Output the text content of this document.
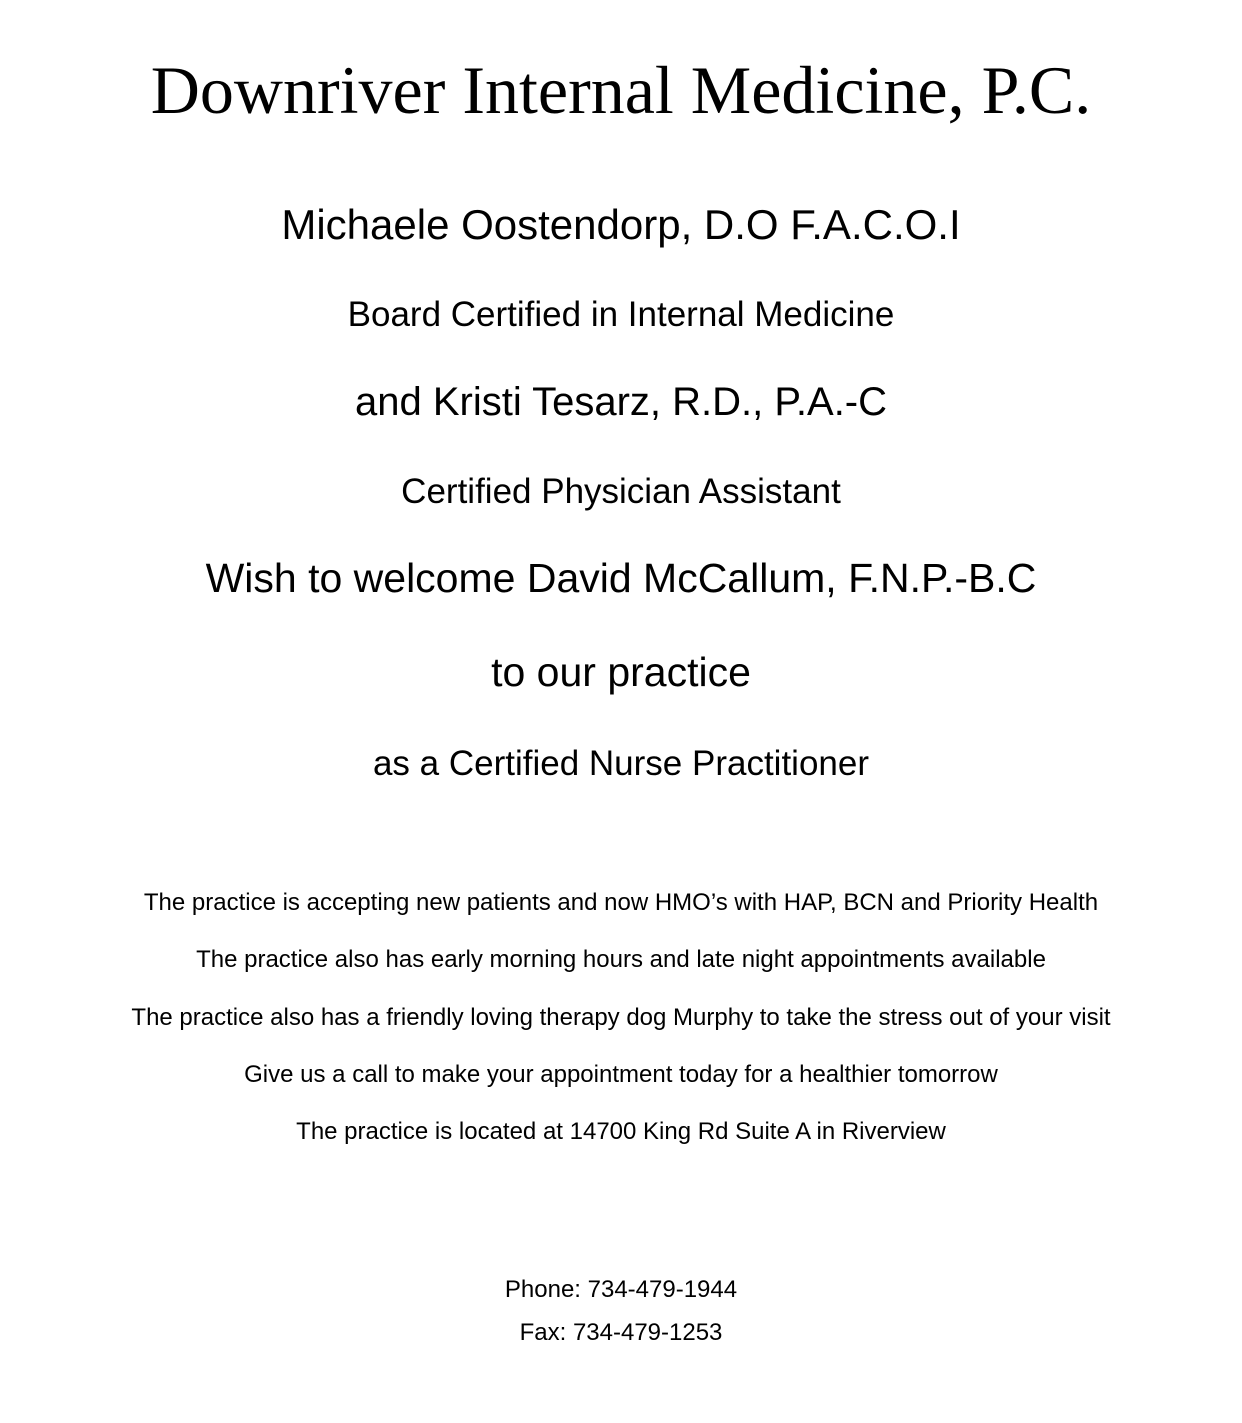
Downriver Internal Medicine, P.C.
Michaele Oostendorp, D.O F.A.C.O.I
Board Certified in Internal Medicine
and Kristi Tesarz, R.D., P.A.-C
Certified Physician Assistant
Wish to welcome David McCallum, F.N.P.-B.C
to our practice
as a Certified Nurse Practitioner
The practice is accepting new patients and now HMO’s with HAP, BCN and Priority Health
The practice also has early morning hours and late night appointments available
The practice also has a friendly loving therapy dog Murphy to take the stress out of your visit
Give us a call to make your appointment today for a healthier tomorrow
The practice is located at 14700 King Rd Suite A in Riverview
Phone: 734-479-1944
Fax: 734-479-1253
